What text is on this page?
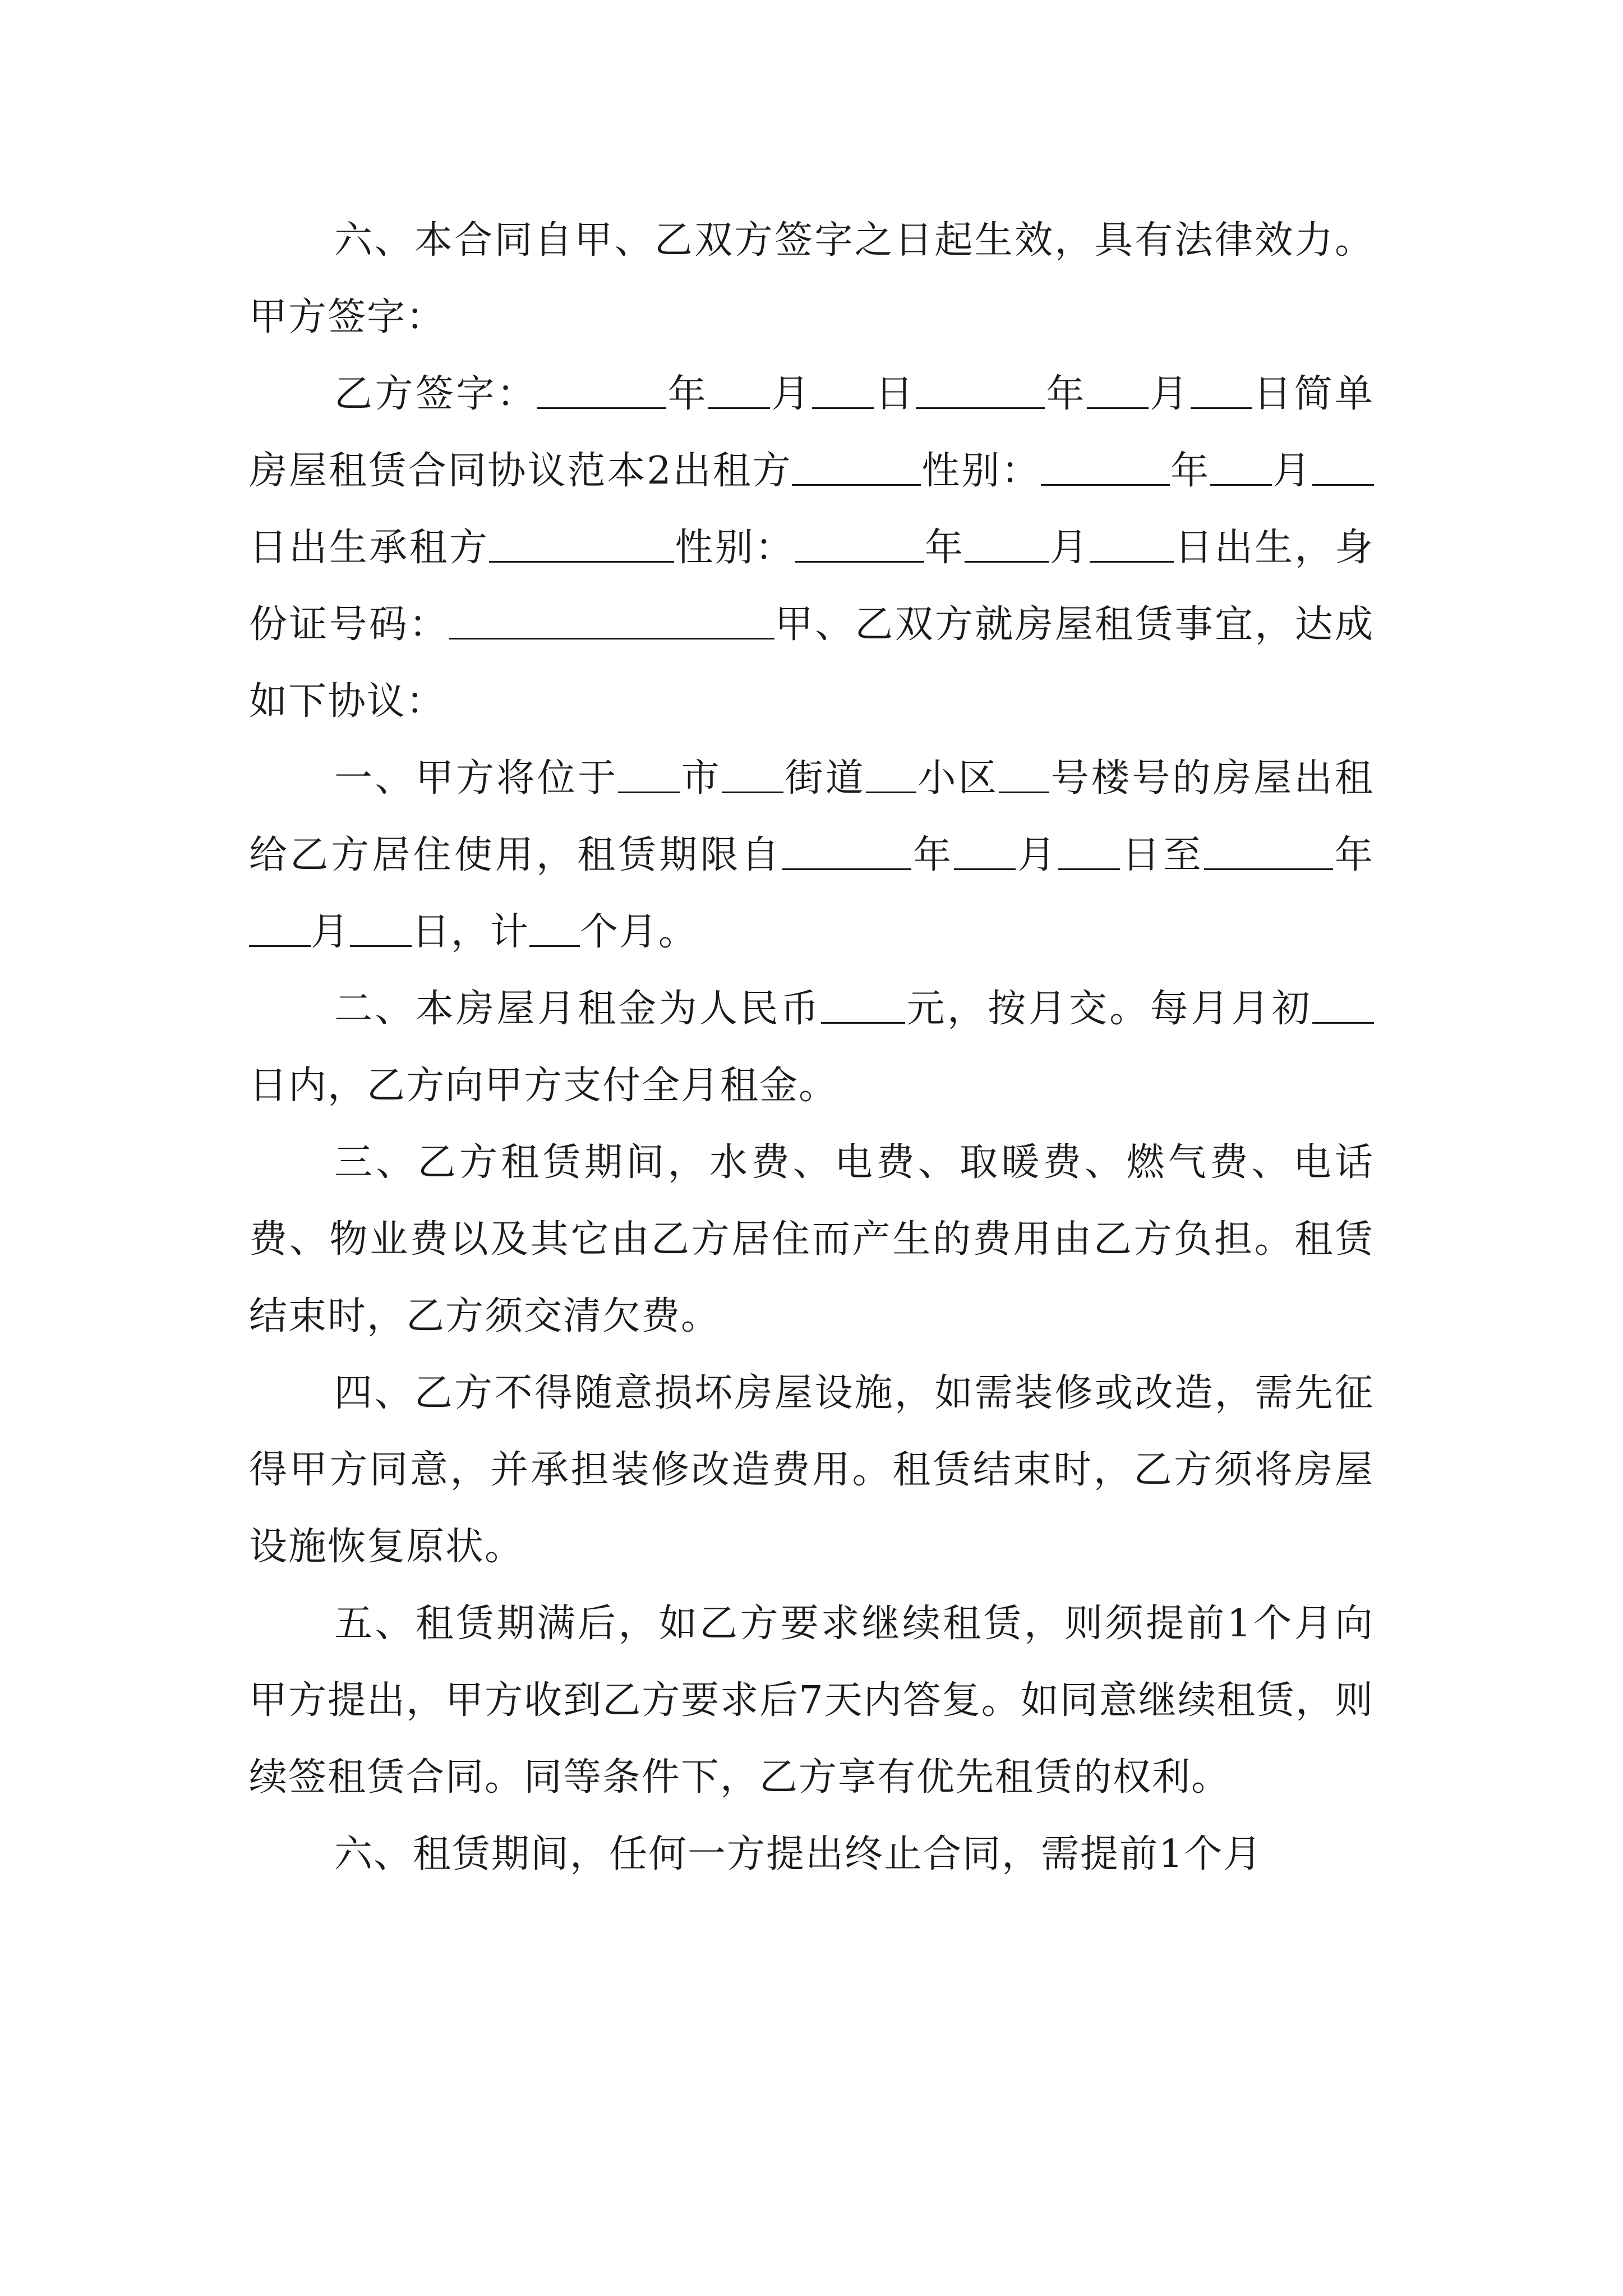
六、本合同自甲、乙双方签字之日起生效，具有法律效力。甲方签字：

乙方签字：	年 月 日	年 月 日简单房屋租赁合同协议范本2出租方	性别：	年 月日出生承租方	性别：	年 月 日出生，身份证号码：	甲、乙双方就房屋租赁事宜，达成如下协议：

一、甲方将位于 市 街道 小区 号楼号的房屋出租给乙方居住使用，租赁期限自	年 月 日至	年月 日，计 个月。

二、本房屋月租金为人民币 元，按月交。每月月初日内，乙方向甲方支付全月租金。

三、乙方租赁期间，水费、电费、取暖费、燃气费、电话费、物业费以及其它由乙方居住而产生的费用由乙方负担。租赁结束时，乙方须交清欠费。

四、乙方不得随意损坏房屋设施，如需装修或改造，需先征得甲方同意，并承担装修改造费用。租赁结束时，乙方须将房屋设施恢复原状。

五、租赁期满后，如乙方要求继续租赁，则须提前1个月向甲方提出，甲方收到乙方要求后7天内答复。如同意继续租赁，则续签租赁合同。同等条件下，乙方享有优先租赁的权利。

六、租赁期间，任何一方提出终止合同，需提前1个月
